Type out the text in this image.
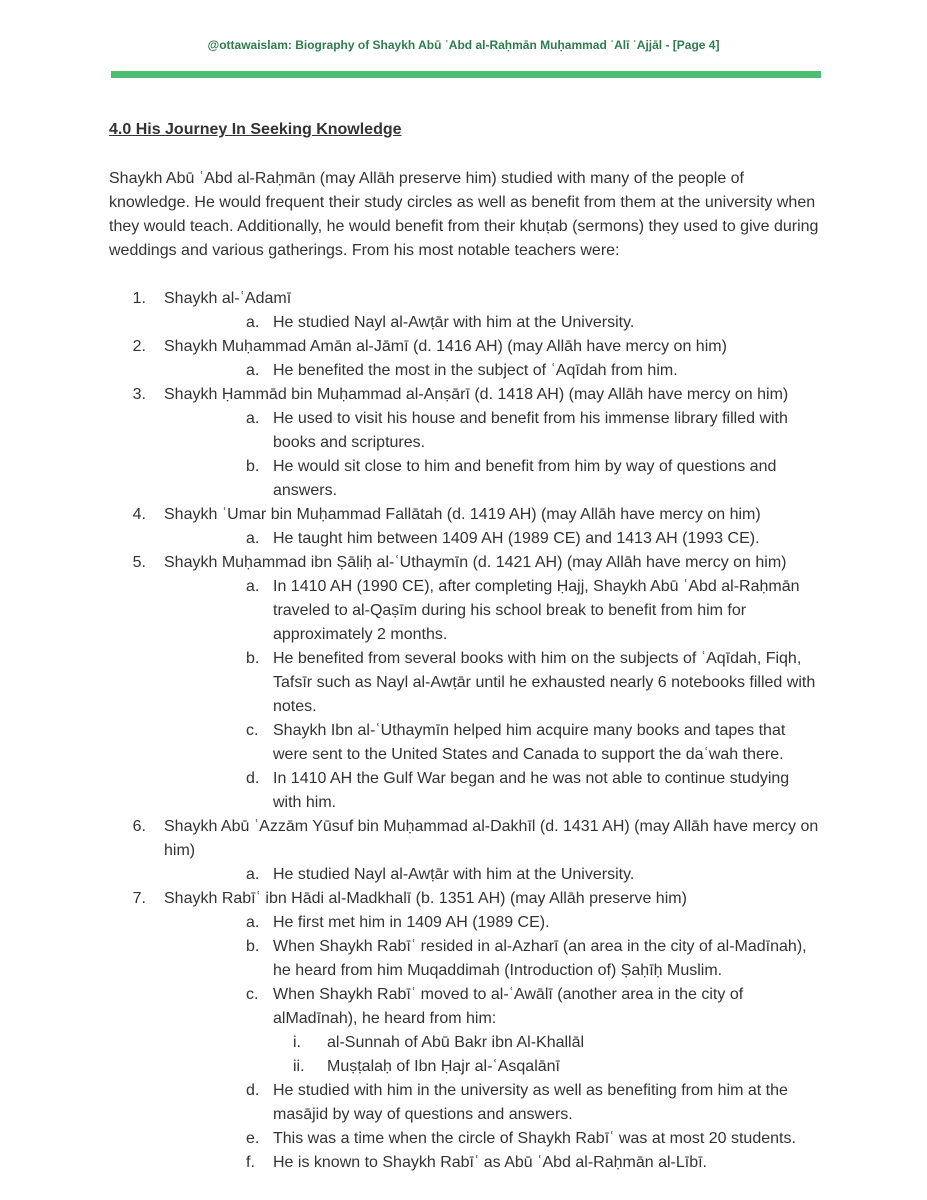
@ottawaislam: Biography of Shaykh Abū ʿAbd al-Raḥmān Muḥammad ʿAlī ʿAjjāl - [Page 4]
4.0 His Journey In Seeking Knowledge

Shaykh Abū ʿAbd al-Raḥmān (may Allāh preserve him) studied with many of the people of knowledge. He would frequent their study circles as well as benefit from them at the university when they would teach. Additionally, he would benefit from their khuṭab (sermons) they used to give during weddings and various gatherings. From his most notable teachers were:

1. Shaykh al-ʿAdamī
a. He studied Nayl al-Awṭār with him at the University.
2. Shaykh Muḥammad Amān al-Jāmī (d. 1416 AH) (may Allāh have mercy on him)
a. He benefited the most in the subject of ʿAqīdah from him.
3. Shaykh Ḥammād bin Muḥammad al-Anṣārī (d. 1418 AH) (may Allāh have mercy on him)
a. He used to visit his house and benefit from his immense library filled with books and scriptures.
b. He would sit close to him and benefit from him by way of questions and answers.
4. Shaykh ʿUmar bin Muḥammad Fallātah (d. 1419 AH) (may Allāh have mercy on him)
a. He taught him between 1409 AH (1989 CE) and 1413 AH (1993 CE).
5. Shaykh Muḥammad ibn Ṣāliḥ al-ʿUthaymīn (d. 1421 AH) (may Allāh have mercy on him)
a. In 1410 AH (1990 CE), after completing Ḥajj, Shaykh Abū ʿAbd al-Raḥmān traveled to al-Qaṣīm during his school break to benefit from him for approximately 2 months.
b. He benefited from several books with him on the subjects of ʿAqīdah, Fiqh, Tafsīr such as Nayl al-Awṭār until he exhausted nearly 6 notebooks filled with notes.
c. Shaykh Ibn al-ʿUthaymīn helped him acquire many books and tapes that were sent to the United States and Canada to support the daʿwah there.
d. In 1410 AH the Gulf War began and he was not able to continue studying with him.
6. Shaykh Abū ʿAzzām Yūsuf bin Muḥammad al-Dakhīl (d. 1431 AH) (may Allāh have mercy on him)
a. He studied Nayl al-Awṭār with him at the University.
7. Shaykh Rabīʿ ibn Hādi al-Madkhalī (b. 1351 AH) (may Allāh preserve him)
a. He first met him in 1409 AH (1989 CE).
b. When Shaykh Rabīʿ resided in al-Azharī (an area in the city of al-Madīnah), he heard from him Muqaddimah (Introduction of) Ṣaḥīḥ Muslim.
c. When Shaykh Rabīʿ moved to al-ʿAwālī (another area in the city of alMadīnah), he heard from him:
i.	al-Sunnah of Abū Bakr ibn Al-Khallāl
ii.	Muṣṭalaḥ of Ibn Ḥajr al-ʿAsqalānī
d. He studied with him in the university as well as benefiting from him at the masājid by way of questions and answers.
e. This was a time when the circle of Shaykh Rabīʿ was at most 20 students.
f. He is known to Shaykh Rabīʿ as Abū ʿAbd al-Raḥmān al-Lībī.
